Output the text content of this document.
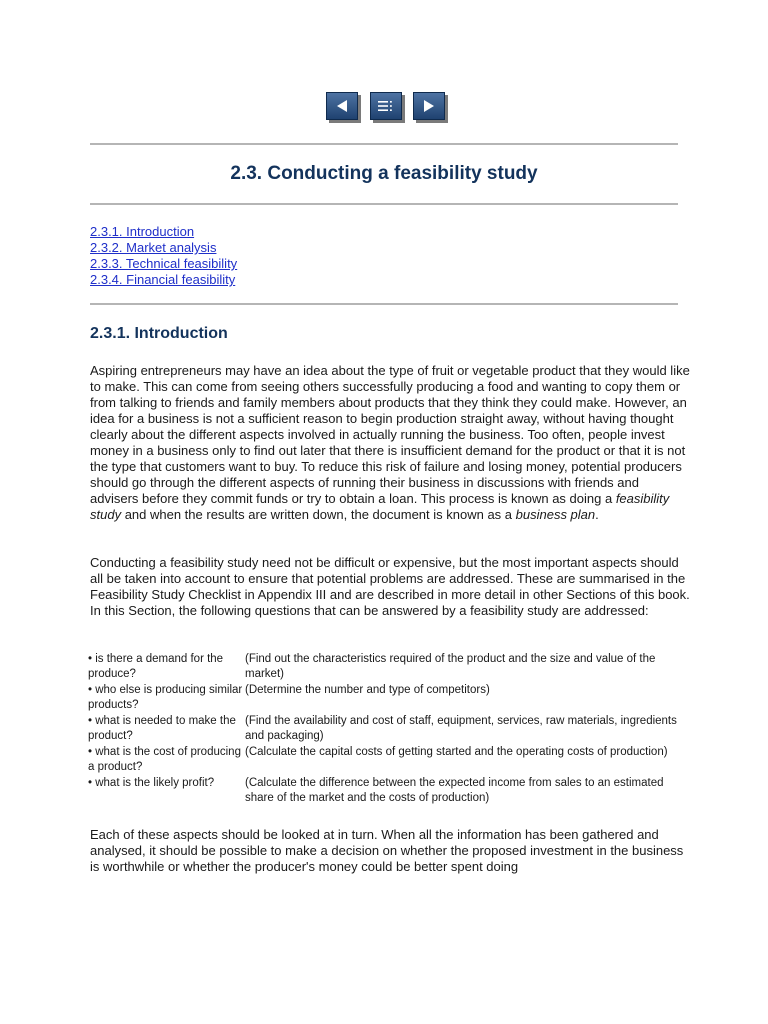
2.3. Conducting a feasibility study
2.3.1. Introduction
2.3.2. Market analysis
2.3.3. Technical feasibility
2.3.4. Financial feasibility
2.3.1. Introduction

Aspiring entrepreneurs may have an idea about the type of fruit or vegetable product that they would like to make. This can come from seeing others successfully producing a food and wanting to copy them or from talking to friends and family members about products that they think they could make. However, an idea for a business is not a sufficient reason to begin production straight away, without having thought clearly about the different aspects involved in actually running the business. Too often, people invest money in a business only to find out later that there is insufficient demand for the product or that it is not the type that customers want to buy. To reduce this risk of failure and losing money, potential producers should go through the different aspects of running their business in discussions with friends and advisers before they commit funds or try to obtain a loan. This process is known as doing a feasibility study and when the results are written down, the document is known as a business plan.

Conducting a feasibility study need not be difficult or expensive, but the most important aspects should all be taken into account to ensure that potential problems are addressed. These are summarised in the Feasibility Study Checklist in Appendix III and are described in more detail in other Sections of this book. In this Section, the following questions that can be answered by a feasibility study are addressed:

• is there a demand for the produce?	(Find out the characteristics required of the product and the size and value of the market)
• who else is producing similar products?	(Determine the number and type of competitors)
• what is needed to make the product?	(Find the availability and cost of staff, equipment, services, raw materials, ingredients and packaging)
• what is the cost of producing a product?	(Calculate the capital costs of getting started and the operating costs of production)
• what is the likely profit?	(Calculate the difference between the expected income from sales to an estimated share of the market and the costs of production)

Each of these aspects should be looked at in turn. When all the information has been gathered and analysed, it should be possible to make a decision on whether the proposed investment in the business is worthwhile or whether the producer's money could be better spent doing
